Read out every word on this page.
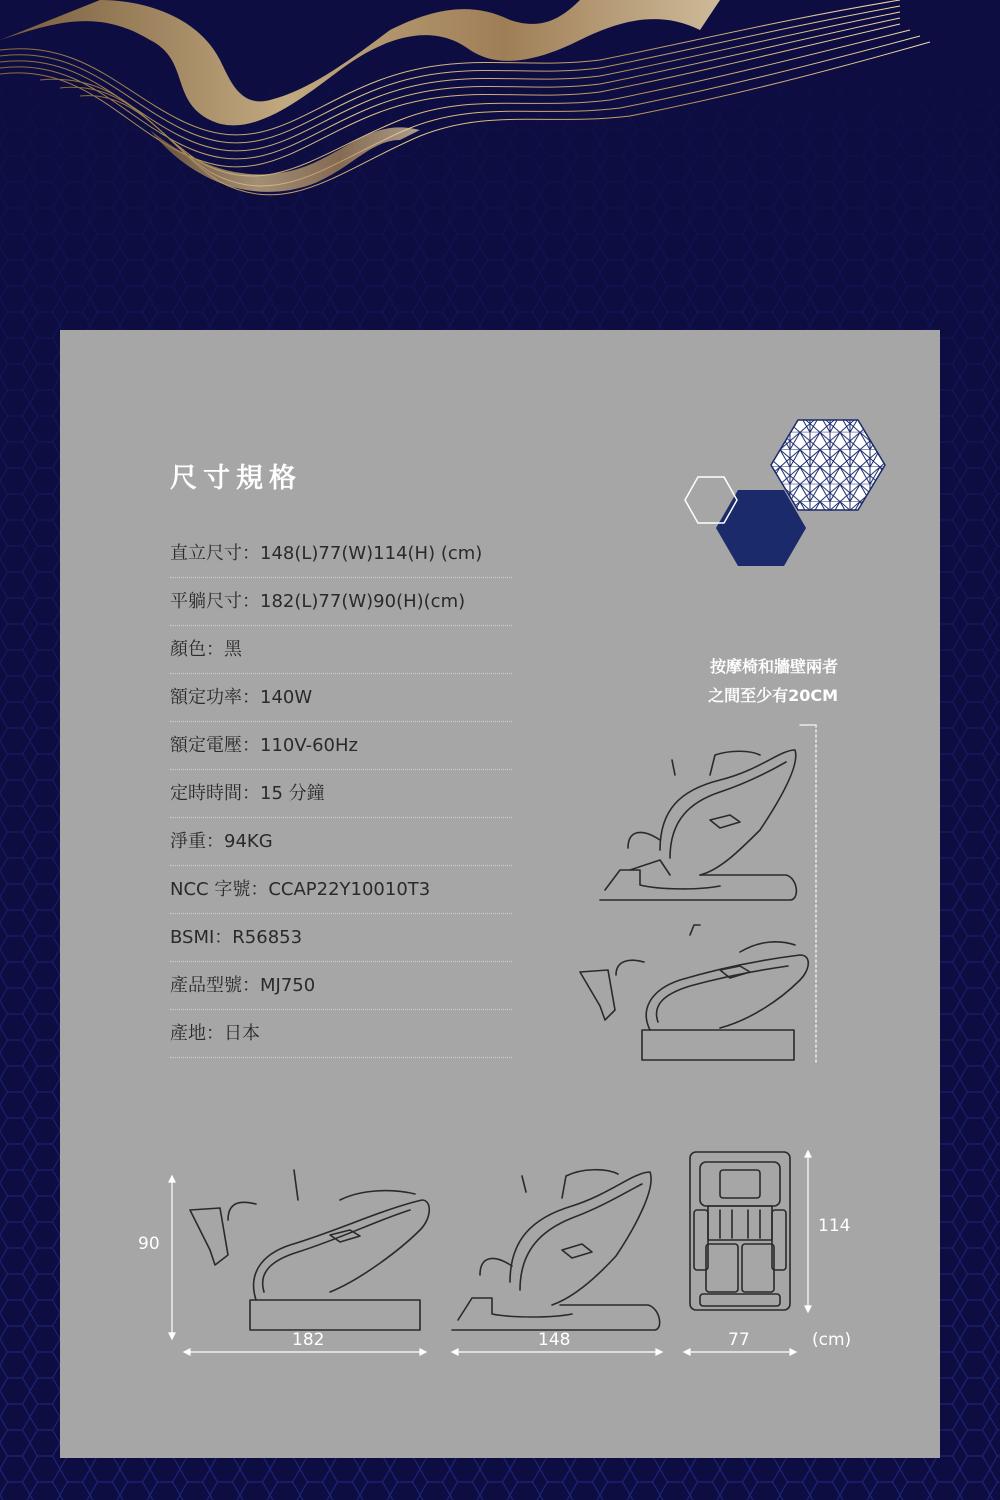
尺寸規格
直立尺寸：148(L)77(W)114(H) (cm)
平躺尺寸：182(L)77(W)90(H)(cm)
顏色：黑
額定功率：140W
額定電壓：110V-60Hz
定時時間：15 分鐘
淨重：94KG
NCC 字號：CCAP22Y10010T3
BSMI：R56853
產品型號：MJ750
產地：日本
按摩椅和牆壁兩者
之間至少有20CM
90
182	148	77
114
(cm)
